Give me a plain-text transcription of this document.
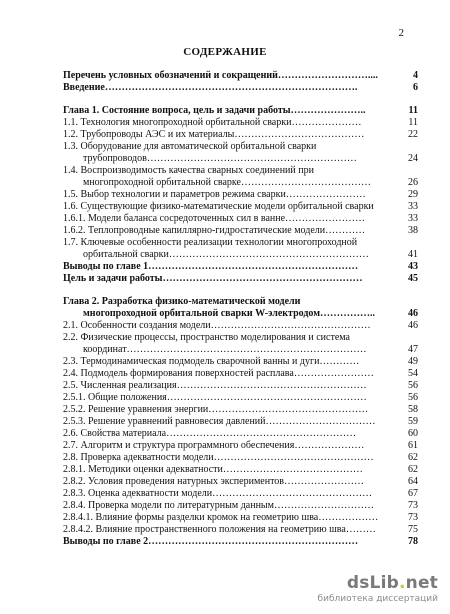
2
СОДЕРЖАНИЕ
Перечень условных обозначений и сокращений………………………....	4
Введение………………………………………………………………….	6
Глава 1. Состояние вопроса, цель и задачи работы…………………..	11
1.1. Технология многопроходной орбитальной сварки…………………	11
1.2. Трубопроводы АЭС и их материалы…………………………………	22
1.3. Оборудование для автоматической орбитальной сварки
трубопроводов………………………………………………………	24
1.4. Воспроизводимость качества сварных соединений при
многопроходной орбитальной сварке…………………………………	26
1.5. Выбор технологии и параметров режима сварки……………………	29
1.6. Существующие физико-математические модели орбитальной сварки	33
1.6.1. Модели баланса сосредоточенных сил в ванне……………………	33
1.6.2. Теплопроводные капиллярно-гидростатические модели…………	38
1.7. Ключевые особенности реализации технологии многопроходной
орбитальной сварки……………………………………………………	41
Выводы по главе 1………………………………………………………	43
Цель и задачи работы……………………………………………………	45
Глава 2. Разработка физико-математической модели
многопроходной орбитальной сварки W-электродом……………..	46
2.1. Особенности создания модели…………………………………………	46
2.2. Физические процессы, пространство моделирования и система
координат………………………………………………………………	47
2.3. Термодинамическая подмодель сварочной ванны и дуги…………	49
2.4. Подмодель формирования поверхностей расплава……………………	54
2.5. Численная реализация…………………………………………………	56
2.5.1. Общие положения……………………………………………………	56
2.5.2. Решение уравнения энергии…………………………………………	58
2.5.3. Решение уравнений равновесия давлений……………………………	59
2.6. Свойства материала…………………………………………………	60
2.7. Алгоритм и структура программного обеспечения…………………	61
2.8. Проверка адекватности модели…………………………………………	62
2.8.1. Методики оценки адекватности……………………………………	62
2.8.2. Условия проведения натурных экспериментов……………………	64
2.8.3. Оценка адекватности модели…………………………………………	67
2.8.4. Проверка модели по литературным данным…………………………	73
2.8.4.1. Влияние формы разделки кромок на геометрию шва………………	73
2.8.4.2. Влияние пространственного положения на геометрию шва………	75
Выводы по главе 2………………………………………………………	78
dsLib.net
библиотека диссертаций
